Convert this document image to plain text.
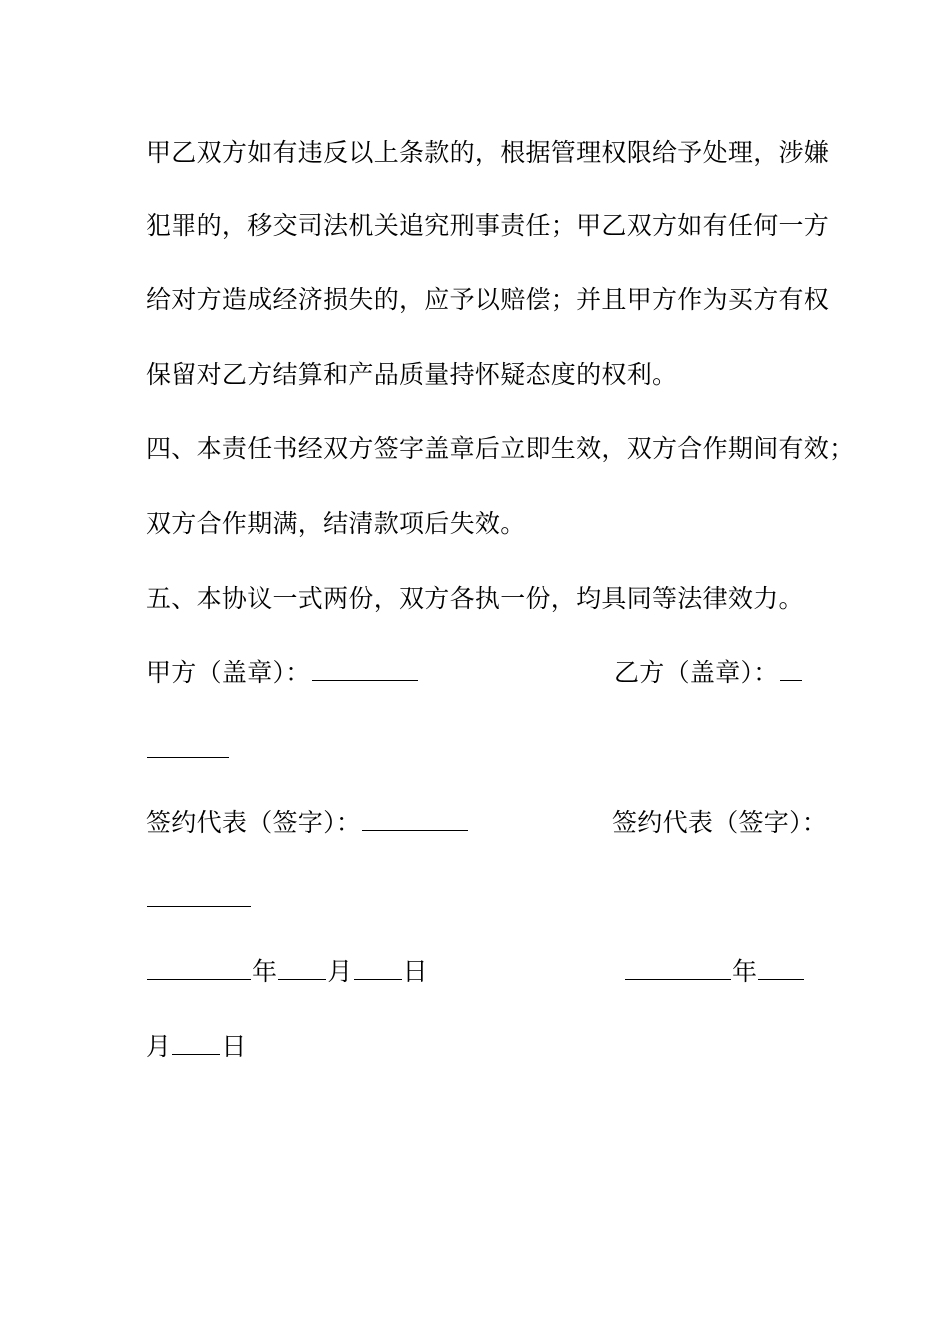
甲乙双方如有违反以上条款的，根据管理权限给予处理，涉嫌
犯罪的，移交司法机关追究刑事责任；甲乙双方如有任何一方
给对方造成经济损失的，应予以赔偿；并且甲方作为买方有权
保留对乙方结算和产品质量持怀疑态度的权利。
四、本责任书经双方签字盖章后立即生效，双方合作期间有效；
双方合作期满，结清款项后失效。
五、本协议一式两份，双方各执一份，均具同等法律效力。
甲方（盖章）：	乙方（盖章）：
签约代表（签字）：	签约代表（签字）：
年 月 日	年
月 日
